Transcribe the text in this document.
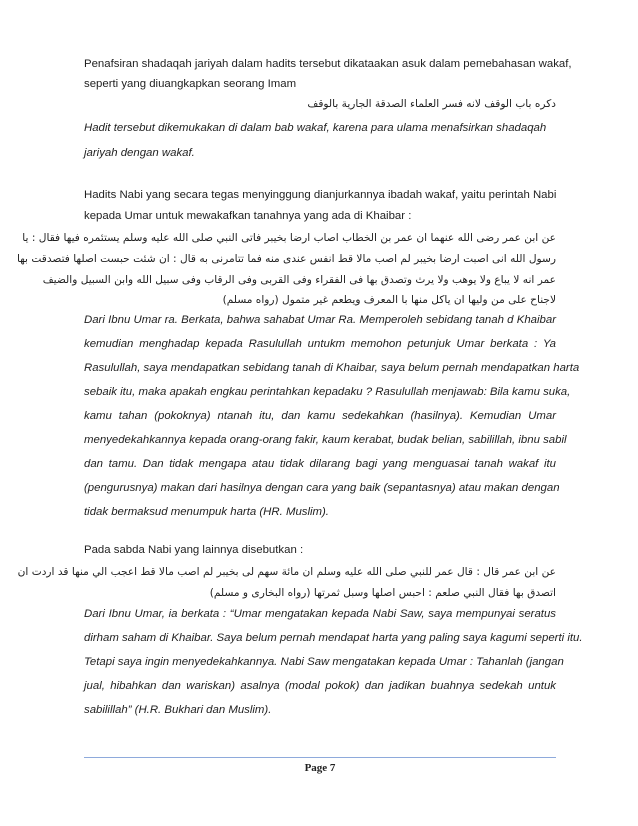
Penafsiran shadaqah jariyah dalam hadits tersebut dikataakan asuk dalam pemebahasan wakaf,
seperti yang diuangkapkan seorang Imam
دكره باب الوقف لانه فسر العلماء الصدقة الجارية بالوقف
Hadit tersebut dikemukakan di dalam bab wakaf, karena para ulama menafsirkan shadaqah
jariyah dengan wakaf.
Hadits Nabi yang secara tegas menyinggung dianjurkannya ibadah wakaf, yaitu perintah Nabi
kepada Umar untuk mewakafkan tanahnya yang ada di Khaibar :
عن ابن عمر رضى الله عنهما ان عمر بن الخطاب اصاب ارضا بخيبر فاتى النبي صلى الله عليه وسلم يستئمره فيها فقال : يا
رسول الله انى اصبت ارضا بخيبر لم اصب مالا قط انفس عندى منه فما تتامرنى به قال : ان شئت حبست اصلها فتصدقت بها
عمر انه لا يباع ولا يوهب ولا يرث وتصدق بها فى الفقراء وفى القربى وفى الرقاب وفى سبيل الله وابن السبيل والضيف
لاجناح على من وليها ان ياكل منها با المعرف ويطعم غير متمول (رواه مسلم)
Dari Ibnu Umar ra. Berkata, bahwa sahabat Umar Ra. Memperoleh sebidang tanah d Khaibar
kemudian menghadap kepada Rasulullah untukm memohon petunjuk Umar berkata : Ya
Rasulullah, saya mendapatkan sebidang tanah di Khaibar, saya belum pernah mendapatkan harta
sebaik itu, maka apakah engkau perintahkan kepadaku ? Rasulullah menjawab: Bila kamu suka,
kamu tahan (pokoknya) ntanah itu, dan kamu sedekahkan (hasilnya). Kemudian Umar
menyedekahkannya kepada orang-orang fakir, kaum kerabat, budak belian, sabilillah, ibnu sabil
dan tamu. Dan tidak mengapa atau tidak dilarang bagi yang menguasai tanah wakaf itu
(pengurusnya) makan dari hasilnya dengan cara yang baik (sepantasnya) atau makan dengan
tidak bermaksud menumpuk harta (HR. Muslim).
Pada sabda Nabi yang lainnya disebutkan :
عن ابن عمر قال : قال عمر للنبي صلى الله عليه وسلم ان مائة سهم لى بخيبر لم اصب مالا قط اعجب الي منها قد اردت ان
اتصدق بها فقال النبي صلعم : احبس اصلها وسبل ثمرتها (رواه البخارى و مسلم)
Dari Ibnu Umar, ia berkata : “Umar mengatakan kepada Nabi Saw, saya mempunyai seratus
dirham saham di Khaibar. Saya belum pernah mendapat harta yang paling saya kagumi seperti itu.
Tetapi saya ingin menyedekahkannya. Nabi Saw mengatakan kepada Umar : Tahanlah (jangan
jual, hibahkan dan wariskan) asalnya (modal pokok) dan jadikan buahnya sedekah untuk
sabilillah” (H.R. Bukhari dan Muslim).
Page 7
